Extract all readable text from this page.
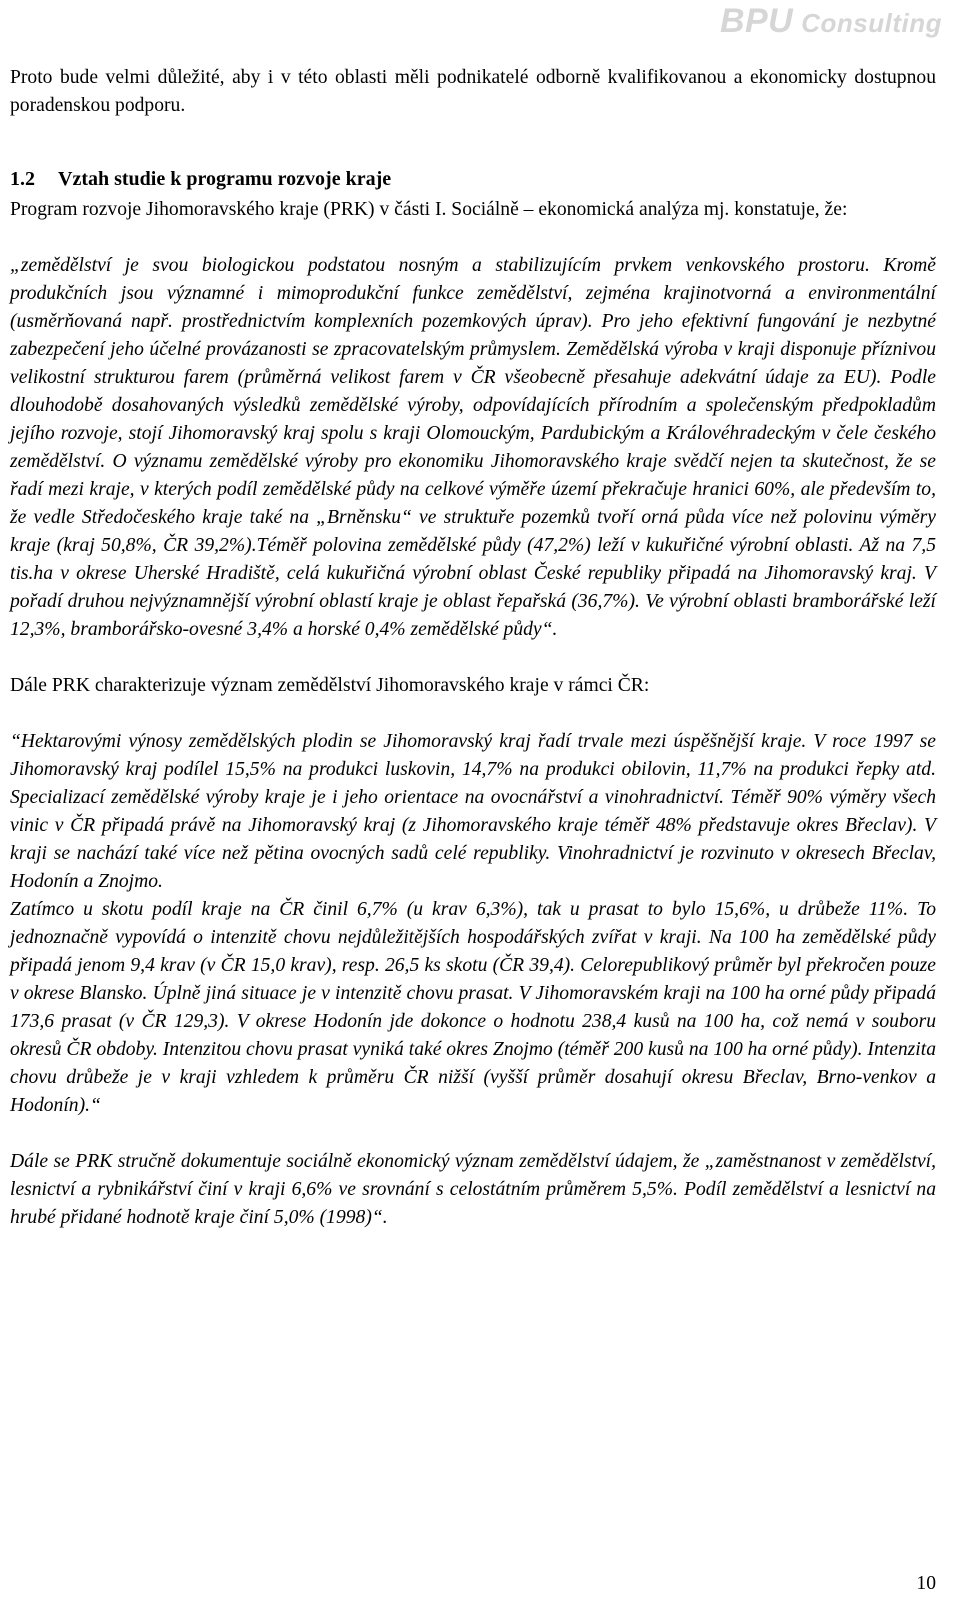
BPU Consulting

Proto bude velmi důležité, aby i v této oblasti měli podnikatelé odborně kvalifikovanou a ekonomicky dostupnou poradenskou podporu.

1.2 Vztah studie k programu rozvoje kraje

Program rozvoje Jihomoravského kraje (PRK) v části I. Sociálně – ekonomická analýza mj. konstatuje, že:

„zemědělství je svou biologickou podstatou nosným a stabilizujícím prvkem venkovského prostoru. Kromě produkčních jsou významné i mimoprodukční funkce zemědělství, zejména krajinotvorná a environmentální (usměrňovaná např. prostřednictvím komplexních pozemkových úprav). Pro jeho efektivní fungování je nezbytné zabezpečení jeho účelné provázanosti se zpracovatelským průmyslem. Zemědělská výroba v kraji disponuje příznivou velikostní strukturou farem (průměrná velikost farem v ČR všeobecně přesahuje adekvátní údaje za EU). Podle dlouhodobě dosahovaných výsledků zemědělské výroby, odpovídajících přírodním a společenským předpokladům jejího rozvoje, stojí Jihomoravský kraj spolu s kraji Olomouckým, Pardubickým a Královéhradeckým v čele českého zemědělství. O významu zemědělské výroby pro ekonomiku Jihomoravského kraje svědčí nejen ta skutečnost, že se řadí mezi kraje, v kterých podíl zemědělské půdy na celkové výměře území překračuje hranici 60%, ale především to, že vedle Středočeského kraje také na „Brněnsku“ ve struktuře pozemků tvoří orná půda více než polovinu výměry kraje (kraj 50,8%, ČR 39,2%).Téměř polovina zemědělské půdy (47,2%) leží v kukuřičné výrobní oblasti. Až na 7,5 tis.ha v okrese Uherské Hradiště, celá kukuřičná výrobní oblast České republiky připadá na Jihomoravský kraj. V pořadí druhou nejvýznamnější výrobní oblastí kraje je oblast řepařská (36,7%). Ve výrobní oblasti bramborářské leží 12,3%, bramborářsko-ovesné 3,4% a horské 0,4% zemědělské půdy“.

Dále PRK charakterizuje význam zemědělství Jihomoravského kraje v rámci ČR:

“Hektarovými výnosy zemědělských plodin se Jihomoravský kraj řadí trvale mezi úspěšnější kraje. V roce 1997 se Jihomoravský kraj podílel 15,5% na produkci luskovin, 14,7% na produkci obilovin, 11,7% na produkci řepky atd. Specializací zemědělské výroby kraje je i jeho orientace na ovocnářství a vinohradnictví. Téměř 90% výměry všech vinic v ČR připadá právě na Jihomoravský kraj (z Jihomoravského kraje téměř 48% představuje okres Břeclav). V kraji se nachází také více než pětina ovocných sadů celé republiky. Vinohradnictví je rozvinuto v okresech Břeclav, Hodonín a Znojmo.

Zatímco u skotu podíl kraje na ČR činil 6,7% (u krav 6,3%), tak u prasat to bylo 15,6%, u drůbeže 11%. To jednoznačně vypovídá o intenzitě chovu nejdůležitějších hospodářských zvířat v kraji. Na 100 ha zemědělské půdy připadá jenom 9,4 krav (v ČR 15,0 krav), resp. 26,5 ks skotu (ČR 39,4). Celorepublikový průměr byl překročen pouze v okrese Blansko. Úplně jiná situace je v intenzitě chovu prasat. V Jihomoravském kraji na 100 ha orné půdy připadá 173,6 prasat (v ČR 129,3). V okrese Hodonín jde dokonce o hodnotu 238,4 kusů na 100 ha, což nemá v souboru okresů ČR obdoby. Intenzitou chovu prasat vyniká také okres Znojmo (téměř 200 kusů na 100 ha orné půdy). Intenzita chovu drůbeže je v kraji vzhledem k průměru ČR nižší (vyšší průměr dosahují okresu Břeclav, Brno-venkov a Hodonín).“

Dále se PRK stručně dokumentuje sociálně ekonomický význam zemědělství údajem, že „zaměstnanost v zemědělství, lesnictví a rybnikářství činí v kraji 6,6% ve srovnání s celostátním průměrem 5,5%. Podíl zemědělství a lesnictví na hrubé přidané hodnotě kraje činí 5,0% (1998)“.

10
